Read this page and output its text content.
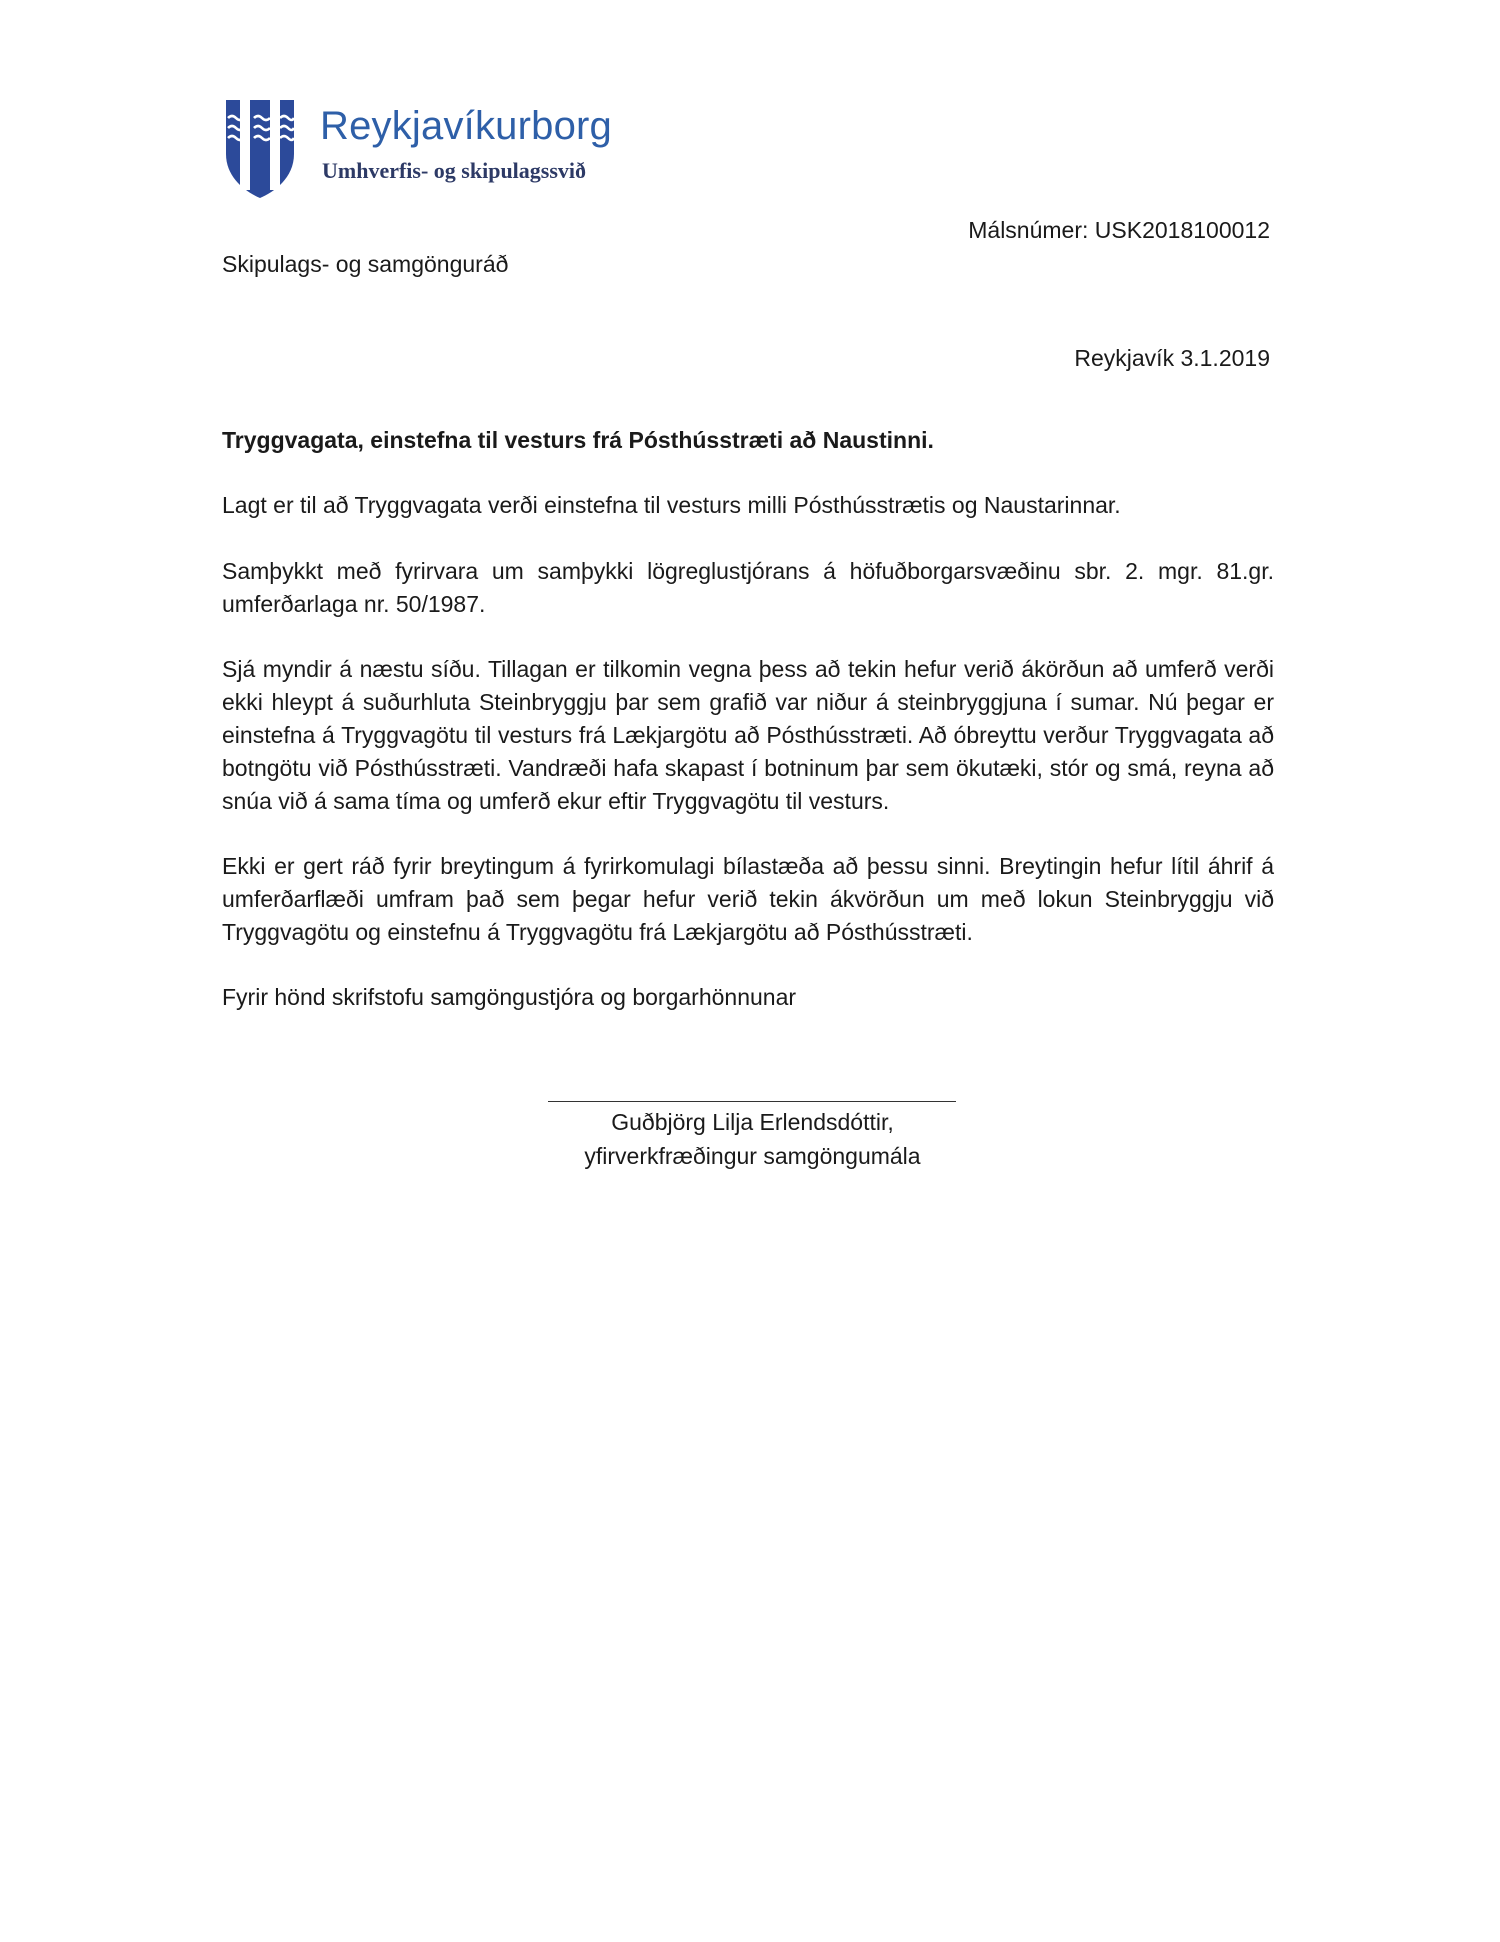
Reykjavíkurborg
Umhverfis- og skipulagssvið
Málsnúmer: USK2018100012
Skipulags- og samgönguráð
Reykjavík 3.1.2019
Tryggvagata, einstefna til vesturs frá Pósthússtræti að Naustinni.
Lagt er til að Tryggvagata verði einstefna til vesturs milli Pósthússtrætis og Naustarinnar.
Samþykkt með fyrirvara um samþykki lögreglustjórans á höfuðborgarsvæðinu sbr. 2. mgr. 81.gr. umferðarlaga nr. 50/1987.
Sjá myndir á næstu síðu. Tillagan er tilkomin vegna þess að tekin hefur verið ákörðun að umferð verði ekki hleypt á suðurhluta Steinbryggju þar sem grafið var niður á steinbryggjuna í sumar. Nú þegar er einstefna á Tryggvagötu til vesturs frá Lækjargötu að Pósthússtræti. Að óbreyttu verður Tryggvagata að botngötu við Pósthússtræti. Vandræði hafa skapast í botninum þar sem ökutæki, stór og smá, reyna að snúa við á sama tíma og umferð ekur eftir Tryggvagötu til vesturs.
Ekki er gert ráð fyrir breytingum á fyrirkomulagi bílastæða að þessu sinni. Breytingin hefur lítil áhrif á umferðarflæði umfram það sem þegar hefur verið tekin ákvörðun um með lokun Steinbryggju við Tryggvagötu og einstefnu á Tryggvagötu frá Lækjargötu að Pósthússtræti.
Fyrir hönd skrifstofu samgöngustjóra og borgarhönnunar
Guðbjörg Lilja Erlendsdóttir,
yfirverkfræðingur samgöngumála
